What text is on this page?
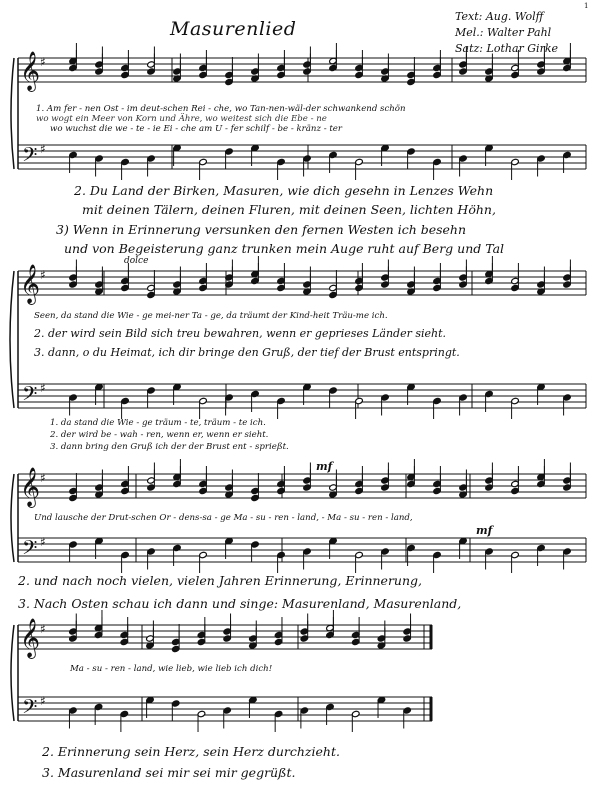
𝄞
𝄢
𝄞
𝄢
𝄞
𝄢
𝄞
𝄢
♯
♯
♯
♯
♯
♯
♯
♯
1
Masurenlied
Text: Aug. Wolff
Mel.: Walter Pahl
Satz: Lothar Girke
1. Am fer - nen Ost - im deut-schen Rei - che, wo Tan-nen-wäl-der schwankend schön
wo wogt ein Meer von Korn und Ähre, wo weitest sich die Ebe - ne
wo wuchst die we - te - ie Ei - che am U - fer schilf - be - kränz - ter
2. Du Land der Birken, Masuren, wie dich gesehn in Lenzes Wehn
mit deinen Tälern, deinen Fluren, mit deinen Seen, lichten Höhn,
3) Wenn in Erinnerung versunken den fernen Westen ich besehn
und von Begeisterung ganz trunken mein Auge ruht auf Berg und Tal
dolce
Seen, da stand die Wie - ge mei-ner Ta - ge, da träumt der Kind-heit Träu-me ich.
2. der wird sein Bild sich treu bewahren, wenn er geprieses Länder sieht.
3. dann, o du Heimat, ich dir bringe den Gruß, der tief der Brust entspringt.
1. da stand die Wie - ge träum - te, träum - te ich.
2. der wird be - wah - ren, wenn er, wenn er sieht.
3. dann bring den Gruß ich der der Brust ent - sprießt.
mf
mf
Und lausche der Drut-schen Or - dens-sa - ge Ma - su - ren - land, - Ma - su - ren - land,
2. und nach noch vielen, vielen Jahren Erinnerung, Erinnerung,
3. Nach Osten schau ich dann und singe: Masurenland, Masurenland,
Ma - su - ren - land, wie lieb, wie lieb ich dich!
2. Erinnerung sein Herz, sein Herz durchzieht.
3. Masurenland sei mir sei mir gegrüßt.
